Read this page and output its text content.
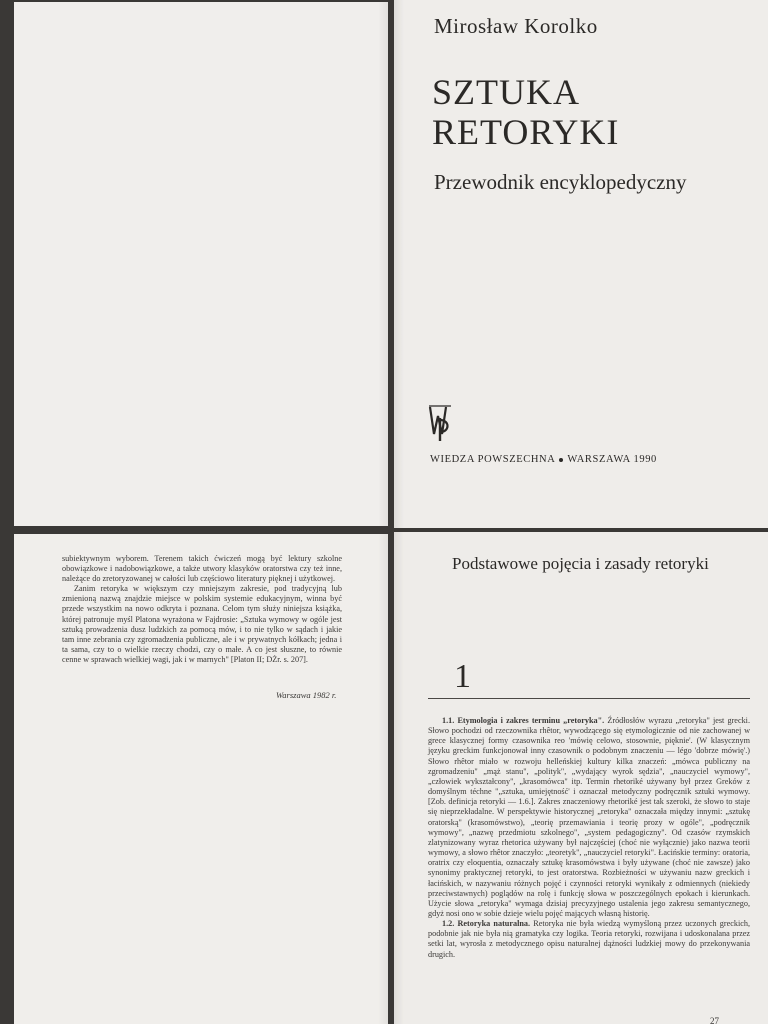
Mirosław Korolko
SZTUKA
RETORYKI
Przewodnik encyklopedyczny
WIEDZA POWSZECHNA WARSZAWA 1990

subiektywnym wyborem. Terenem takich ćwiczeń mogą być lektury szkolne obowiązkowe i nadobowiązkowe, a także utwory klasyków oratorstwa czy też inne, należące do zretoryzowanej w całości lub częściowo literatury pięknej i użytkowej.

Zanim retoryka w większym czy mniejszym zakresie, pod tradycyjną lub zmienioną nazwą znajdzie miejsce w polskim systemie edukacyjnym, winna być przede wszystkim na nowo odkryta i poznana. Celom tym służy niniejsza książka, której patronuje myśl Platona wyrażona w Fajdrosie: „Sztuka wymowy w ogóle jest sztuką prowadzenia dusz ludzkich za pomocą mów, i to nie tylko w sądach i jakie tam inne zebrania czy zgromadzenia publiczne, ale i w prywatnych kółkach; jedna i ta sama, czy to o wielkie rzeczy chodzi, czy o małe. A co jest słuszne, to równie cenne w sprawach wielkiej wagi, jak i w marnych" [Platon II; DŻr. s. 207].

Warszawa 1982 r.
Podstawowe pojęcia i zasady retoryki
1

1.1. Etymologia i zakres terminu „retoryka". Źródłosłów wyrazu „retoryka" jest grecki. Słowo pochodzi od rzeczownika rhêtor, wywodzącego się etymologicznie od nie zachowanej w grece klasycznej formy czasownika reo 'mówię celowo, stosownie, pięknie'. (W klasycznym języku greckim funkcjonował inny czasownik o podobnym znaczeniu — légo 'dobrze mówię'.) Słowo rhêtor miało w rozwoju helleńskiej kultury kilka znaczeń: „mówca publiczny na zgromadzeniu" „mąż stanu", „polityk", „wydający wyrok sędzia", „nauczyciel wymowy", „człowiek wykształcony", „krasomówca" itp. Termin rhetoriké używany był przez Greków z domyślnym téchne "„sztuka, umiejętność' i oznaczał metodyczny podręcznik sztuki wymowy. [Zob. definicja retoryki — 1.6.]. Zakres znaczeniowy rhetoriké jest tak szeroki, że słowo to staje się nieprzekładalne. W perspektywie historycznej „retoryka" oznaczała między innymi: „sztukę oratorską" (krasomówstwo), „teorię przemawiania i teorię prozy w ogóle", „podręcznik wymowy", „nazwę przedmiotu szkolnego", „system pedagogiczny". Od czasów rzymskich zlatynizowany wyraz rhetorica używany był najczęściej (choć nie wyłącznie) jako nazwa teorii wymowy, a słowo rhêtor znaczyło: „teoretyk", „nauczyciel retoryki". Łacińskie terminy: oratoria, oratrix czy eloquentia, oznaczały sztukę krasomówstwa i były używane (choć nie zawsze) jako synonimy praktycznej retoryki, to jest oratorstwa. Rozbieżności w używaniu nazw greckich i łacińskich, w nazywaniu różnych pojęć i czynności retoryki wynikały z odmiennych (niekiedy przeciwstawnych) poglądów na rolę i funkcję słowa w poszczególnych epokach i kierunkach. Użycie słowa „retoryka" wymaga dzisiaj precyzyjnego ustalenia jego zakresu semantycznego, gdyż nosi ono w sobie dzieje wielu pojęć mających własną historię.

1.2. Retoryka naturalna. Retoryka nie była wiedzą wymyśloną przez uczonych greckich, podobnie jak nie była nią gramatyka czy logika. Teoria retoryki, rozwijana i udoskonalana przez setki lat, wyrosła z metodycznego opisu naturalnej dążności ludzkiej mowy do przekonywania drugich.

27
